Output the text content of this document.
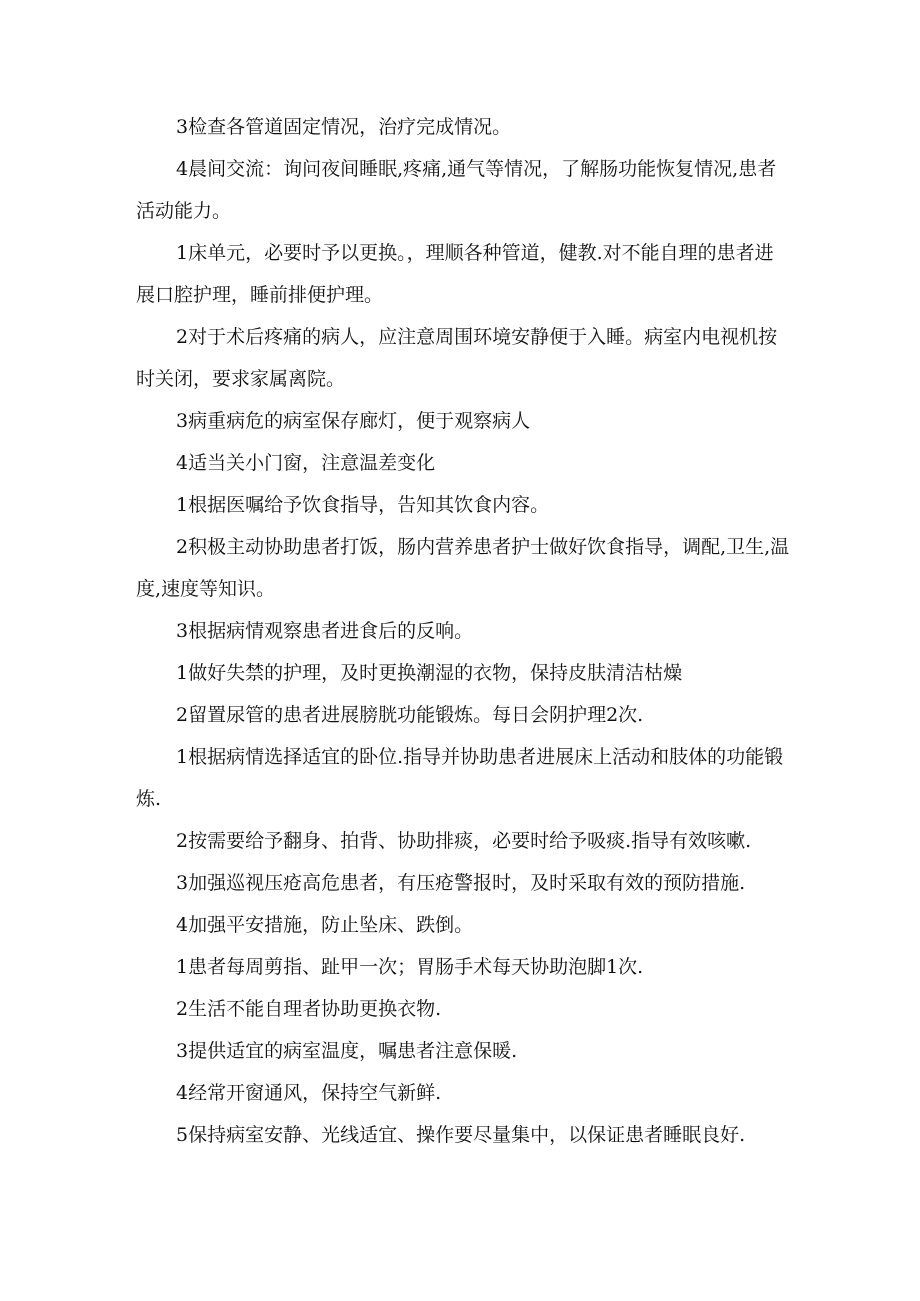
3检查各管道固定情况，治疗完成情况。

4晨间交流：询问夜间睡眠,疼痛,通气等情况，了解肠功能恢复情况,患者活动能力。

1床单元，必要时予以更换。，理顺各种管道，健教.对不能自理的患者进展口腔护理，睡前排便护理。

2对于术后疼痛的病人，应注意周围环境安静便于入睡。病室内电视机按时关闭，要求家属离院。

3病重病危的病室保存廊灯，便于观察病人

4适当关小门窗，注意温差变化

1根据医嘱给予饮食指导，告知其饮食内容。

2积极主动协助患者打饭，肠内营养患者护士做好饮食指导，调配,卫生,温度,速度等知识。

3根据病情观察患者进食后的反响。

1做好失禁的护理，及时更换潮湿的衣物，保持皮肤清洁枯燥

2留置尿管的患者进展膀胱功能锻炼。每日会阴护理2次.

1根据病情选择适宜的卧位.指导并协助患者进展床上活动和肢体的功能锻炼.

2按需要给予翻身、拍背、协助排痰，必要时给予吸痰.指导有效咳嗽.

3加强巡视压疮高危患者，有压疮警报时，及时采取有效的预防措施.

4加强平安措施，防止坠床、跌倒。

1患者每周剪指、趾甲一次；胃肠手术每天协助泡脚1次.

2生活不能自理者协助更换衣物.

3提供适宜的病室温度，嘱患者注意保暖.

4经常开窗通风，保持空气新鲜.

5保持病室安静、光线适宜、操作要尽量集中，以保证患者睡眠良好.
